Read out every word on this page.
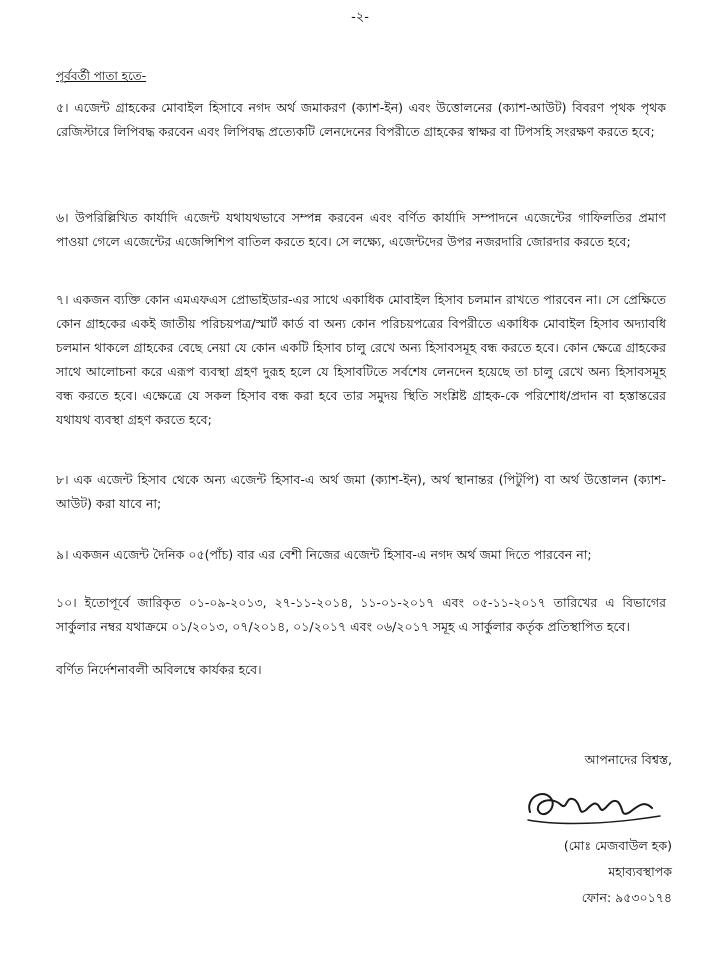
-২-
পূর্ববর্তী পাতা হতে-
৫। এজেন্ট গ্রাহকের মোবাইল হিসাবে নগদ অর্থ জমাকরণ (ক্যাশ-ইন) এবং উত্তোলনের (ক্যাশ-আউট) বিবরণ পৃথক পৃথক রেজিস্টারে লিপিবদ্ধ করবেন এবং লিপিবদ্ধ প্রত্যেকটি লেনদেনের বিপরীতে গ্রাহকের স্বাক্ষর বা টিপসহি সংরক্ষণ করতে হবে;
৬। উপরিল্লিখিত কার্যাদি এজেন্ট যথাযথভাবে সম্পন্ন করবেন এবং বর্ণিত কার্যাদি সম্পাদনে এজেন্টের গাফিলতির প্রমাণ পাওয়া গেলে এজেন্টের এজেন্সিশিপ বাতিল করতে হবে। সে লক্ষ্যে, এজেন্টদের উপর নজরদারি জোরদার করতে হবে;
৭। একজন ব্যক্তি কোন এমএফএস প্রোভাইডার-এর সাথে একাধিক মোবাইল হিসাব চলমান রাখতে পারবেন না। সে প্রেক্ষিতে কোন গ্রাহকের একই জাতীয় পরিচয়পত্র/স্মার্ট কার্ড বা অন্য কোন পরিচয়পত্রের বিপরীতে একাধিক মোবাইল হিসাব অদ্যাবধি চলমান থাকলে গ্রাহকের বেছে নেয়া যে কোন একটি হিসাব চালু রেখে অন্য হিসাবসমূহ বন্ধ করতে হবে। কোন ক্ষেত্রে গ্রাহকের সাথে আলোচনা করে এরূপ ব্যবস্থা গ্রহণ দুরূহ হলে যে হিসাবটিতে সর্বশেষ লেনদেন হয়েছে তা চালু রেখে অন্য হিসাবসমূহ বন্ধ করতে হবে। এক্ষেত্রে যে সকল হিসাব বন্ধ করা হবে তার সমুদয় স্থিতি সংশ্লিষ্ট গ্রাহক-কে পরিশোধ/প্রদান বা হস্তান্তরের যথাযথ ব্যবস্থা গ্রহণ করতে হবে;
৮। এক এজেন্ট হিসাব থেকে অন্য এজেন্ট হিসাব-এ অর্থ জমা (ক্যাশ-ইন), অর্থ স্থানান্তর (পিটুপি) বা অর্থ উত্তোলন (ক্যাশ-আউট) করা যাবে না;
৯। একজন এজেন্ট দৈনিক ০৫(পাঁচ) বার এর বেশী নিজের এজেন্ট হিসাব-এ নগদ অর্থ জমা দিতে পারবেন না;
১০। ইতোপূর্বে জারিকৃত ০১-০৯-২০১৩, ২৭-১১-২০১৪, ১১-০১-২০১৭ এবং ০৫-১১-২০১৭ তারিখের এ বিভাগের সার্কুলার নম্বর যথাক্রমে ০১/২০১৩, ০৭/২০১৪, ০১/২০১৭ এবং ০৬/২০১৭ সমূহ এ সার্কুলার কর্তৃক প্রতিস্থাপিত হবে।
বর্ণিত নির্দেশনাবলী অবিলম্বে কার্যকর হবে।
আপনাদের বিশ্বস্ত,
(মোঃ মেজবাউল হক)
মহাব্যবস্থাপক
ফোন: ৯৫৩০১৭৪
